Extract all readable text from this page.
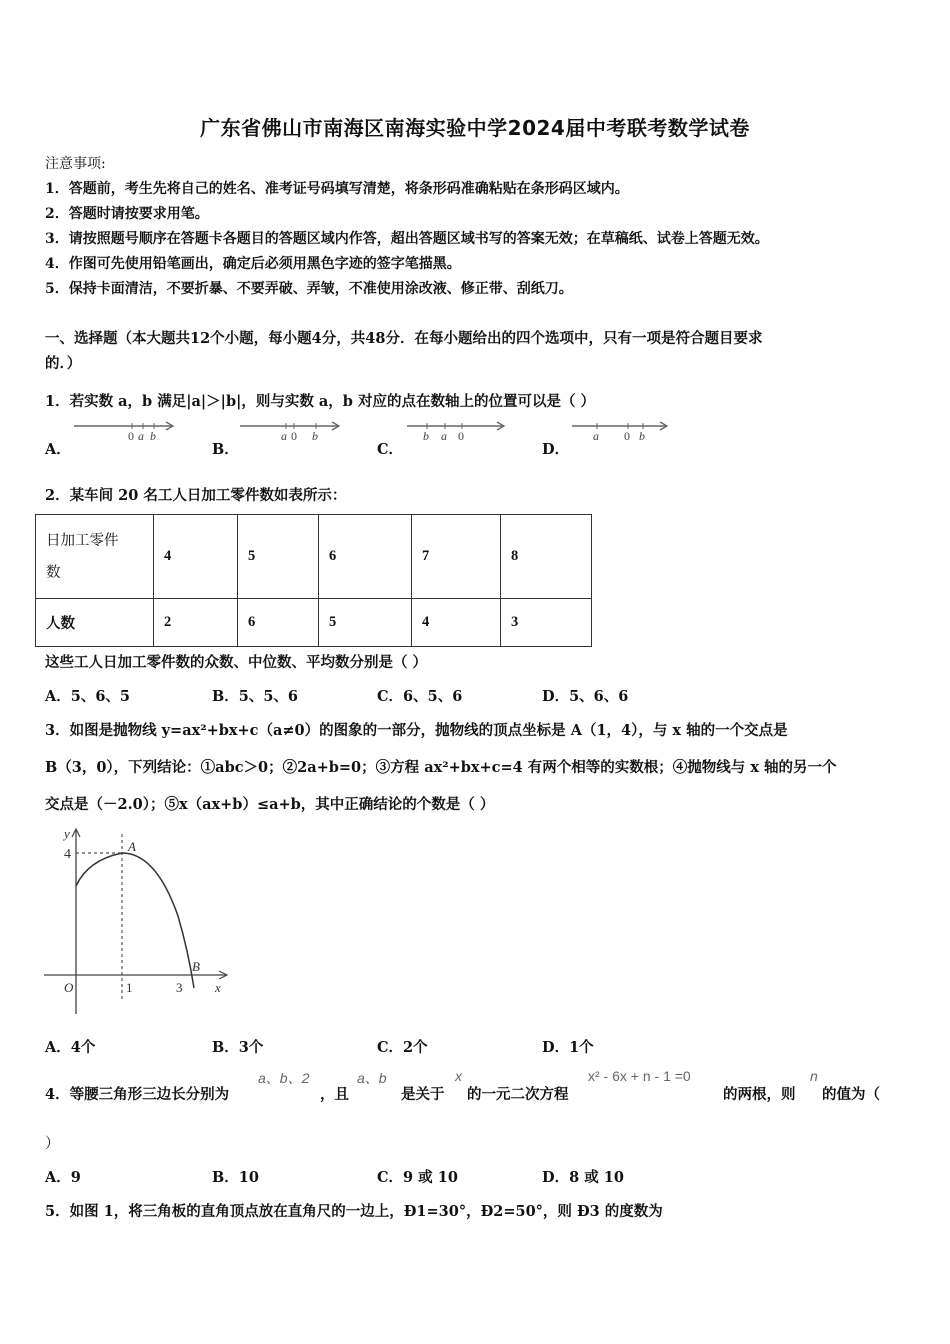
广东省佛山市南海区南海实验中学2024届中考联考数学试卷
注意事项:
1．答题前，考生先将自己的姓名、准考证号码填写清楚，将条形码准确粘贴在条形码区域内。
2．答题时请按要求用笔。
3．请按照题号顺序在答题卡各题目的答题区域内作答，超出答题区域书写的答案无效；在草稿纸、试卷上答题无效。
4．作图可先使用铅笔画出，确定后必须用黑色字迹的签字笔描黑。
5．保持卡面清洁，不要折暴、不要弄破、弄皱，不准使用涂改液、修正带、刮纸刀。
一、选择题（本大题共12个小题，每小题4分，共48分．在每小题给出的四个选项中，只有一项是符合题目要求
的．）
1．若实数 a，b 满足|a|＞|b|，则与实数 a，b 对应的点在数轴上的位置可以是（ ）
A．
0 a b
B．
a 0 b
C．
b a 0
D．
a 0 b
2．某车间 20 名工人日加工零件数如表所示：
日加工零件
数	4	5	6	7	8
人数	2	6	5	4	3
这些工人日加工零件数的众数、中位数、平均数分别是（ ）
A．5、6、5	B．5、5、6	C．6、5、6	D．5、6、6
3．如图是抛物线 y=ax²+bx+c（a≠0）的图象的一部分，抛物线的顶点坐标是 A（1，4），与 x 轴的一个交点是
B（3，0），下列结论：①abc＞0；②2a+b=0；③方程 ax²+bx+c=4 有两个相等的实数根；④抛物线与 x 轴的另一个
交点是（－2.0）；⑤x（ax+b）≤a+b，其中正确结论的个数是（ ）
y
4
A
B
O	1	3	x
A．4个	B．3个	C．2个	D．1个
4．等腰三角形三边长分别为
a、b、2
，且
a、b
是关于
x
的一元二次方程
x² - 6x + n - 1 =0
的两根，则
n
的值为（
）
A．9	B．10	C．9 或 10	D．8 或 10
5．如图 1，将三角板的直角顶点放在直角尺的一边上，Ð1=30°，Ð2=50°，则 Ð3 的度数为
